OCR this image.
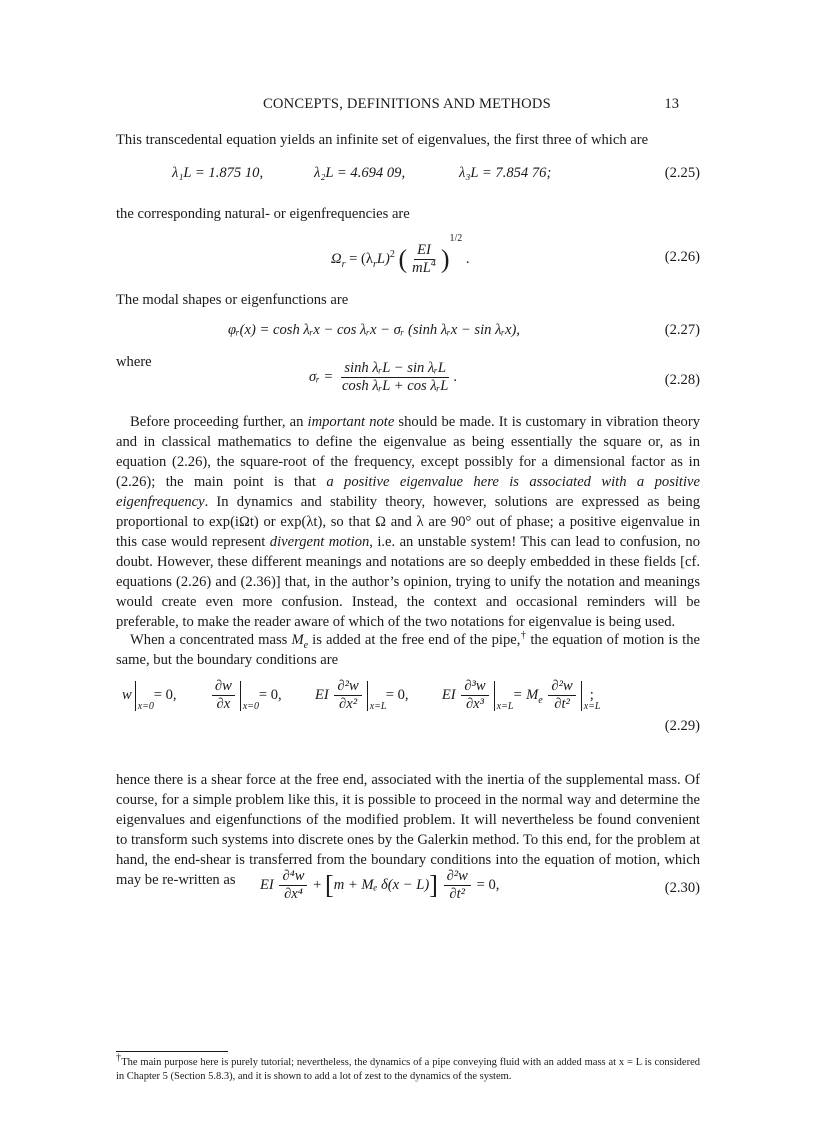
CONCEPTS, DEFINITIONS AND METHODS	13
This transcedental equation yields an infinite set of eigenvalues, the first three of which are
λ₁L = 1.875 10,	λ₂L = 4.694 09,	λ₃L = 7.854 76;	(2.25)
the corresponding natural- or eigenfrequencies are
$\Omega_r = (\lambda_rL)^2$ ( $\frac{EI}{mL^4} )^{1/2}$ .	(2.26)
The modal shapes or eigenfunctions are
φᵣ(x) = cosh λᵣx − cos λᵣx − σᵣ (sinh λᵣx − sin λᵣx),	(2.27)
where
σᵣ = $\frac{\text{sinh λᵣL − sin λᵣL}}{\text{cosh λᵣL + cos λᵣL}}$ .	(2.28)
Before proceeding further, an important note should be made. It is customary in vibration theory and in classical mathematics to define the eigenvalue as being essentially the square or, as in equation (2.26), the square-root of the frequency, except possibly for a dimensional factor as in (2.26); the main point is that a positive eigenvalue here is associated with a positive eigenfrequency. In dynamics and stability theory, however, solutions are expressed as being proportional to exp(iΩt) or exp(λt), so that Ω and λ are 90° out of phase; a positive eigenvalue in this case would represent divergent motion, i.e. an unstable system! This can lead to confusion, no doubt. However, these different meanings and notations are so deeply embedded in these fields [cf. equations (2.26) and (2.36)] that, in the author’s opinion, trying to unify the notation and meanings would create even more confusion. Instead, the context and occasional reminders will be preferable, to make the reader aware of which of the two notations for eigenvalue is being used.
When a concentrated mass $M_e$ is added at the free end of the pipe,† the equation of motion is the same, but the boundary conditions are
w
x=0
= 0, $\frac{\partial w}{\partial x} x=0$
= 0, EI $\frac{\text{∂²w}}{\text{∂x²}} x=L$
= 0, EI $\frac{\text{∂³w}}{\text{∂x³}} x=L$
= $M_e \frac{\text{∂²w}}{\text{∂t²}} x=L$
;
(2.29)
hence there is a shear force at the free end, associated with the inertia of the supplemental mass. Of course, for a simple problem like this, it is possible to proceed in the normal way and determine the eigenvalues and eigenfunctions of the modified problem. It will nevertheless be found convenient to transform such systems into discrete ones by the Galerkin method. To this end, for the problem at hand, the end-shear is transferred from the boundary conditions into the equation of motion, which may be re-written as	EI $\frac{\text{∂⁴w}}{\text{∂x⁴}} + [m + M_e$ $\delta(x - L)] \frac{\text{∂²w}}{\text{∂t²}} = 0$,	(2.30)
†The main purpose here is purely tutorial; nevertheless, the dynamics of a pipe conveying fluid with an added mass at x = L is considered in Chapter 5 (Section 5.8.3), and it is shown to add a lot of zest to the dynamics of the system.
